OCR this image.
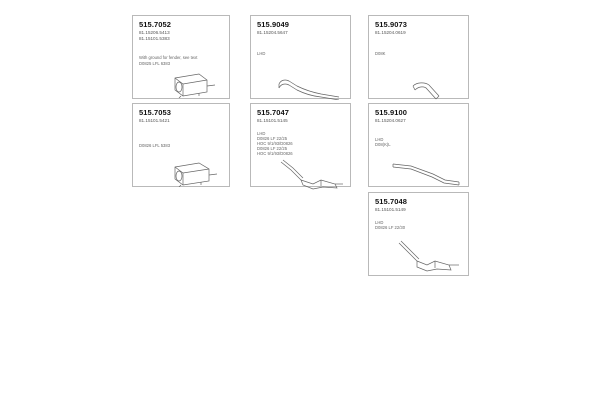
515.7052
81.15206.5413
81.15101.5383
With ground for fender, see text
D0825 LFL 6383
515.9049
81.15204.5647
LHD
515.9073
81.15204.0619
D08K
515.7053
81.15101.5421
D0826 LFL 5383
515.7047
81.15101.5145
LHD
D0826 LF 22/25
HOC 9/1/93/D0826
D0826 LF 22/25
HOC 9/1/93/D0826
515.9100
81.15204.0627
LHD
D08(K)L
515.7048
81.15101.5149
LHD
D0826 LF 22/30
